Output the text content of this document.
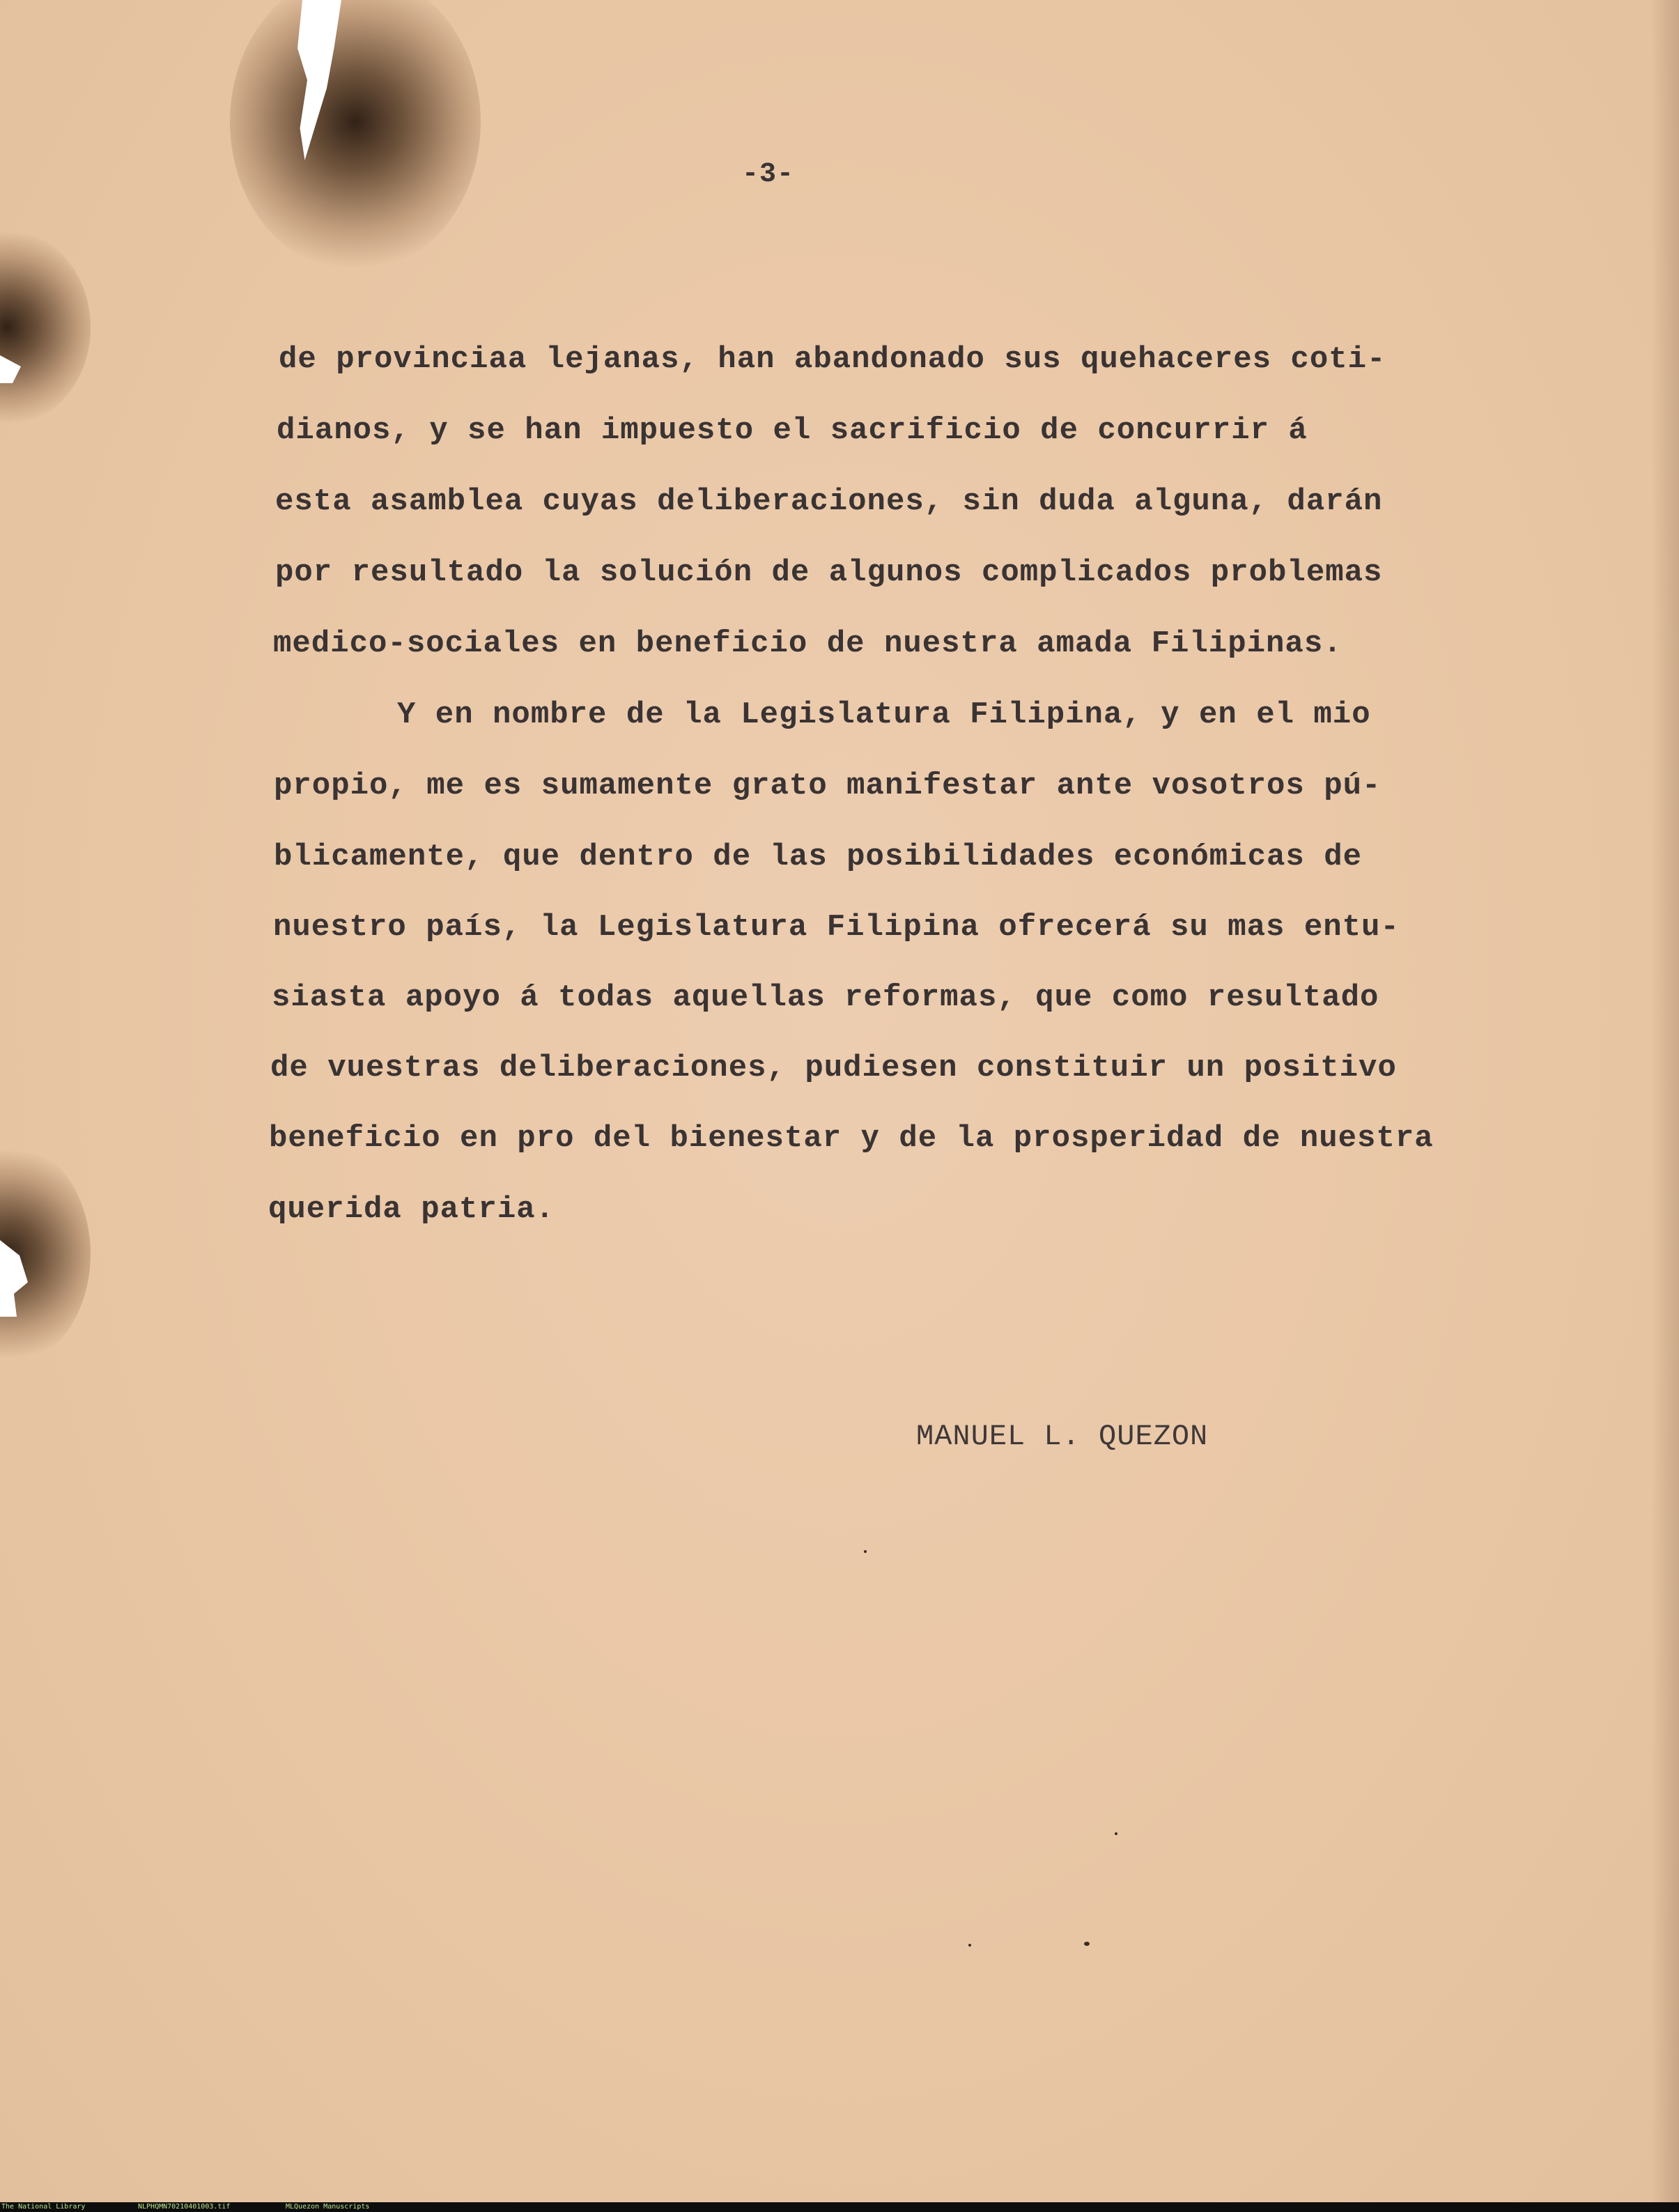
-3-

de provinciaa lejanas, han abandonado sus quehaceres coti-

dianos, y se han impuesto el sacrificio de concurrir á

esta asamblea cuyas deliberaciones, sin duda alguna, darán

por resultado la solución de algunos complicados problemas

medico-sociales en beneficio de nuestra amada Filipinas.

Y en nombre de la Legislatura Filipina, y en el mio

propio, me es sumamente grato manifestar ante vosotros pú-

blicamente, que dentro de las posibilidades económicas de

nuestro país, la Legislatura Filipina ofrecerá su mas entu-

siasta apoyo á todas aquellas reformas, que como resultado

de vuestras deliberaciones, pudiesen constituir un positivo

beneficio en pro del bienestar y de la prosperidad de nuestra

querida patria.

MANUEL L. QUEZON

The National Library

	NLPHQMN70210401003.tif

	MLQuezon Manuscripts
